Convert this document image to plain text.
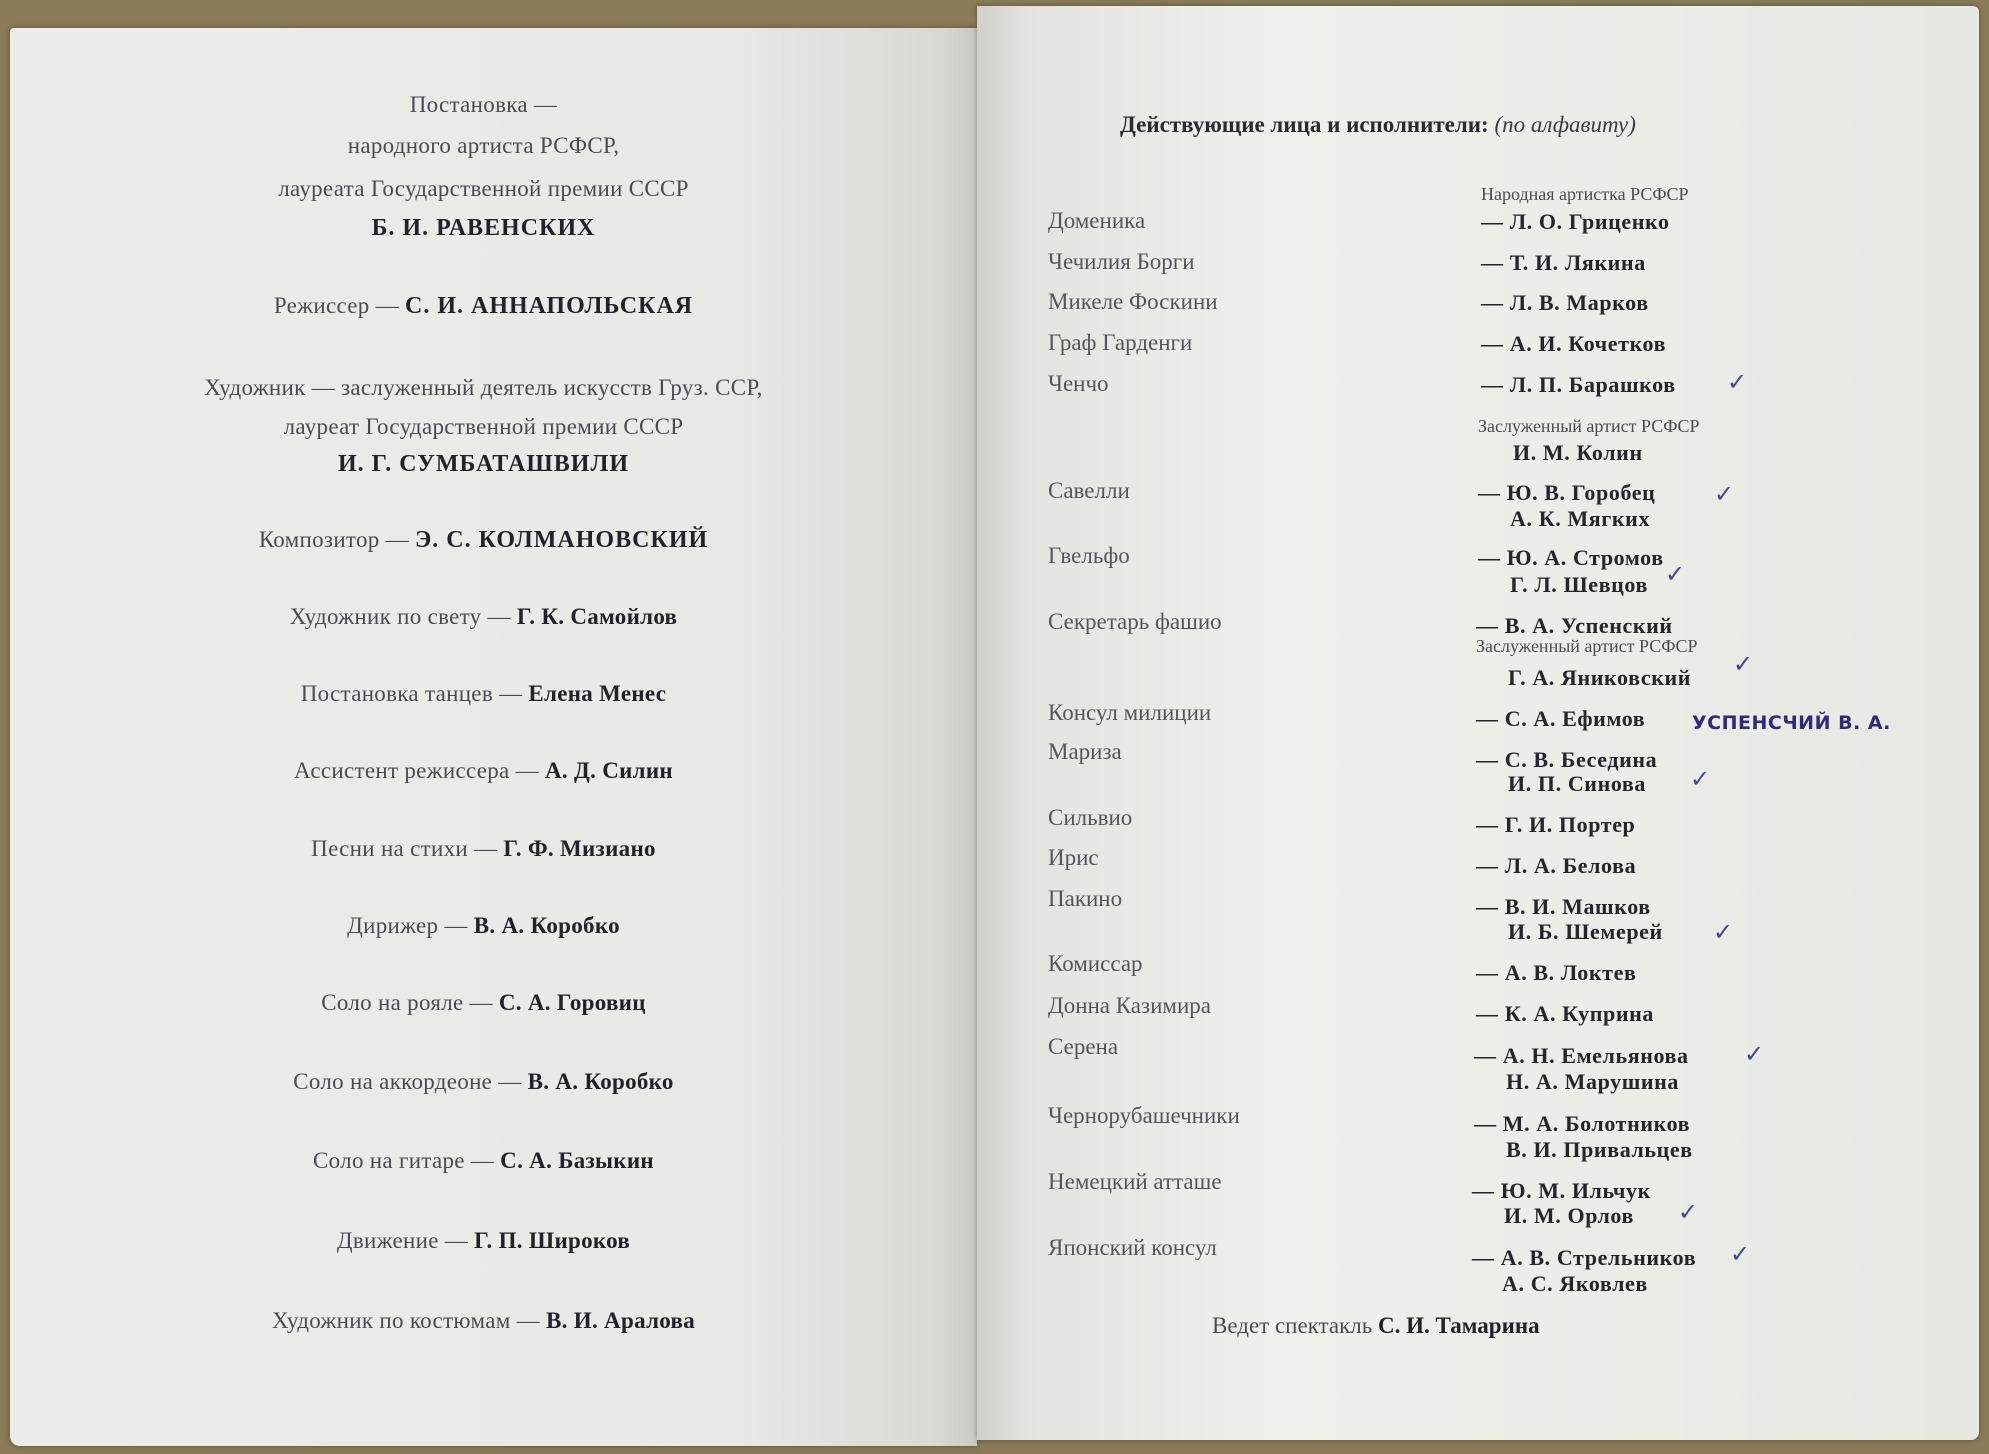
Постановка —
народного артиста РСФСР,
лауреата Государственной премии СССР
Б. И. РАВЕНСКИХ
Режиссер — С. И. АННАПОЛЬСКАЯ
Художник — заслуженный деятель искусств Груз. ССР,
лауреат Государственной премии СССР
И. Г. СУМБАТАШВИЛИ
Композитор — Э. С. КОЛМАНОВСКИЙ
Художник по свету — Г. К. Самойлов
Постановка танцев — Елена Менес
Ассистент режиссера — А. Д. Силин
Песни на стихи — Г. Ф. Мизиано
Дирижер — В. А. Коробко
Соло на рояле — С. А. Горовиц
Соло на аккордеоне — В. А. Коробко
Соло на гитаре — С. А. Базыкин
Движение — Г. П. Широков
Художник по костюмам — В. И. Аралова
Действующие лица и исполнители: (по алфавиту)
Доменика
Чечилия Борги
Микеле Фоскини
Граф Гарденги
Ченчо
Савелли
Гвельфо
Секретарь фашио
Консул милиции
Мариза
Сильвио
Ирис
Пакино
Комиссар
Донна Казимира
Серена
Чернорубашечники
Немецкий атташе
Японский консул
Народная артистка РСФСР
Заслуженный артист РСФСР
Заслуженный артист РСФСР
— Л. О. Гриценко
— Т. И. Лякина
— Л. В. Марков
— А. И. Кочетков
— Л. П. Барашков
И. М. Колин
— Ю. В. Горобец
А. К. Мягких
— Ю. А. Стромов
Г. Л. Шевцов
— В. А. Успенский
Г. А. Яниковский
— С. А. Ефимов
— С. В. Беседина
И. П. Синова
— Г. И. Портер
— Л. А. Белова
— В. И. Машков
И. Б. Шемерей
— А. В. Локтев
— К. А. Куприна
— А. Н. Емельянова
Н. А. Марушина
— М. А. Болотников
В. И. Привальцев
— Ю. М. Ильчук
И. М. Орлов
— А. В. Стрельников
А. С. Яковлев
✓
✓
✓
✓
✓
✓
✓
✓
✓
УСПЕНСЧИЙ В. А.
Ведет спектакль С. И. Тамарина
